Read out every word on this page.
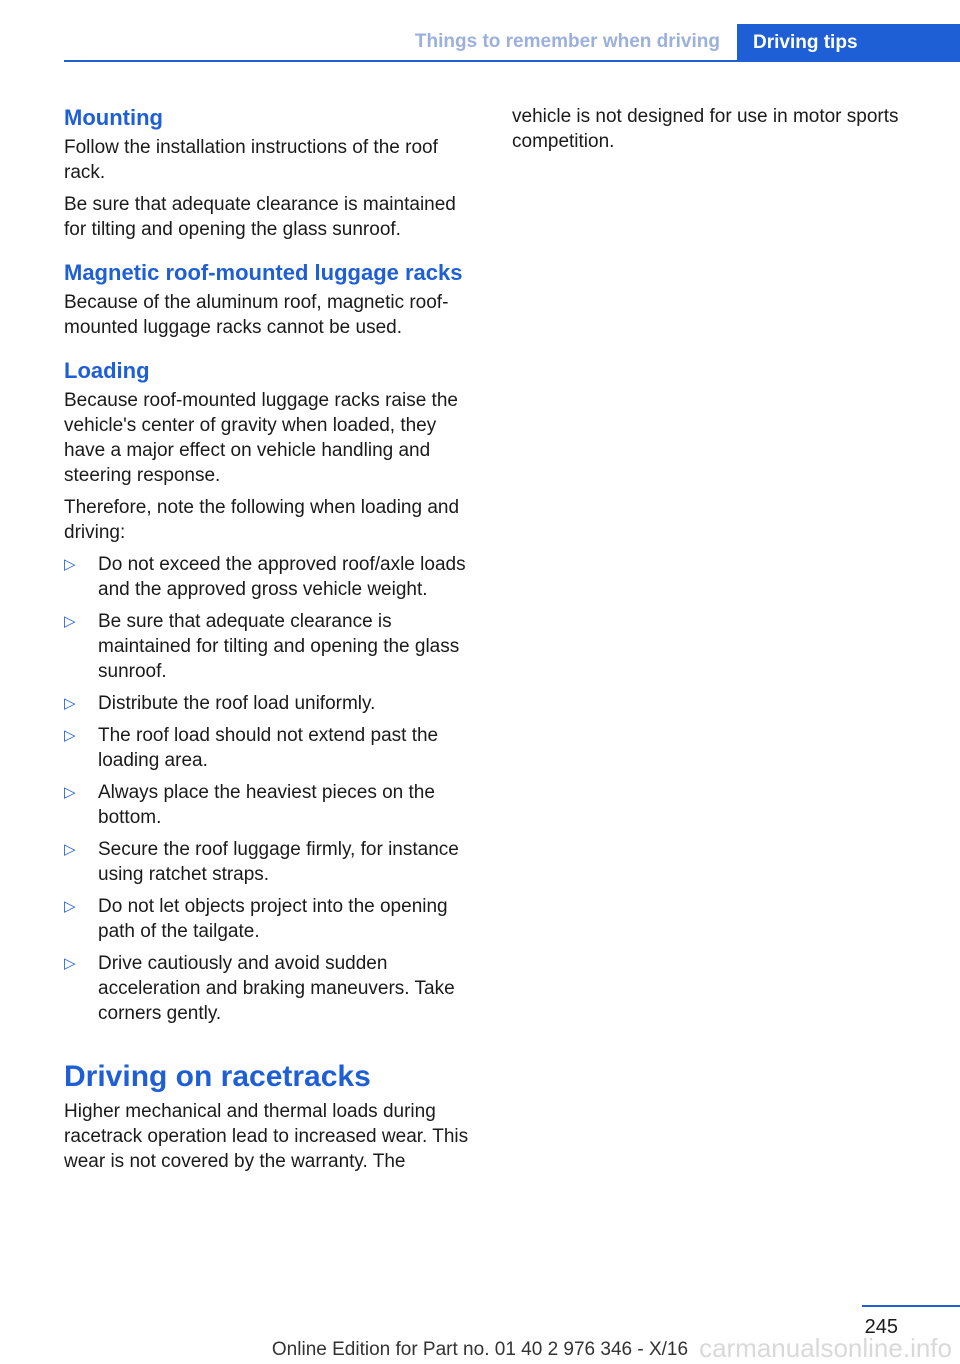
Things to remember when driving	Driving tips
Mounting

Follow the installation instructions of the roof rack.

Be sure that adequate clearance is maintained for tilting and opening the glass sunroof.

Magnetic roof-mounted luggage racks

Because of the aluminum roof, magnetic roof-mounted luggage racks cannot be used.

Loading

Because roof-mounted luggage racks raise the vehicle's center of gravity when loaded, they have a major effect on vehicle handling and steering response.

Therefore, note the following when loading and driving:

▷ Do not exceed the approved roof/axle loads and the approved gross vehicle weight.
▷ Be sure that adequate clearance is maintained for tilting and opening the glass sunroof.
▷ Distribute the roof load uniformly.
▷ The roof load should not extend past the loading area.
▷ Always place the heaviest pieces on the bottom.
▷ Secure the roof luggage firmly, for instance using ratchet straps.
▷ Do not let objects project into the opening path of the tailgate.
▷ Drive cautiously and avoid sudden acceleration and braking maneuvers. Take corners gently.
Driving on racetracks

Higher mechanical and thermal loads during racetrack operation lead to increased wear. This wear is not covered by the warranty. The

vehicle is not designed for use in motor sports competition.

245
Online Edition for Part no. 01 40 2 976 346 - X/16 carmanualsonline.info
